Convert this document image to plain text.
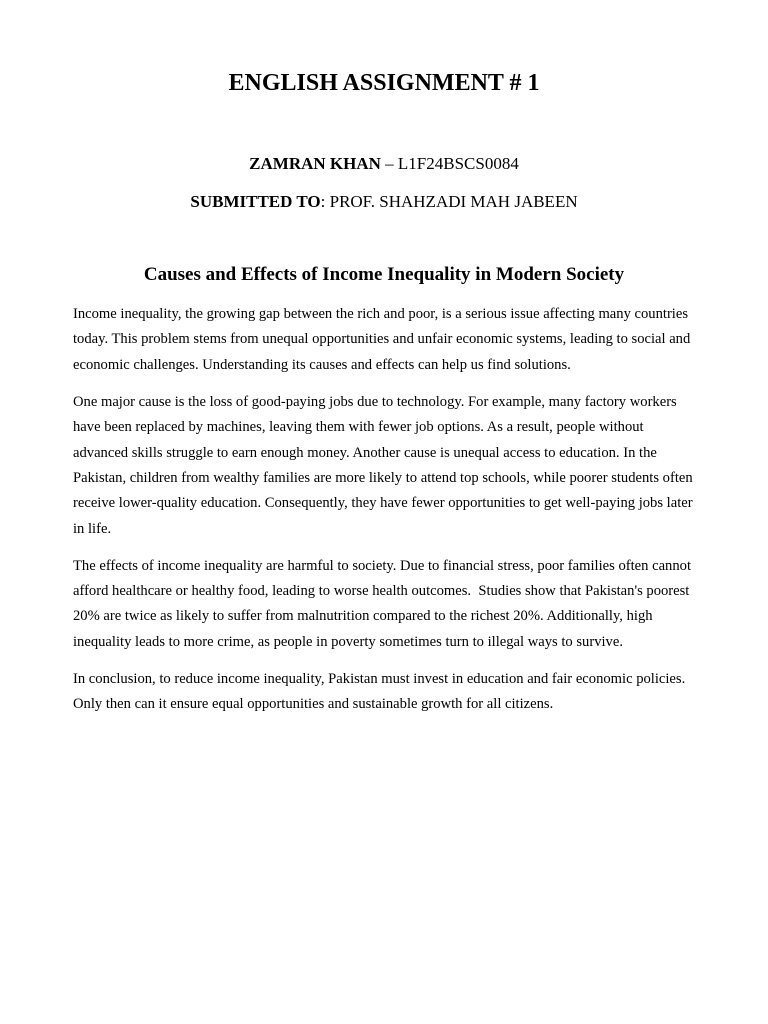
ENGLISH ASSIGNMENT # 1

ZAMRAN KHAN – L1F24BSCS0084

SUBMITTED TO: PROF. SHAHZADI MAH JABEEN

Causes and Effects of Income Inequality in Modern Society

Income inequality, the growing gap between the rich and poor, is a serious issue affecting many countries today. This problem stems from unequal opportunities and unfair economic systems, leading to social and economic challenges. Understanding its causes and effects can help us find solutions.

One major cause is the loss of good-paying jobs due to technology. For example, many factory workers have been replaced by machines, leaving them with fewer job options. As a result, people without advanced skills struggle to earn enough money. Another cause is unequal access to education. In the Pakistan, children from wealthy families are more likely to attend top schools, while poorer students often receive lower-quality education. Consequently, they have fewer opportunities to get well-paying jobs later in life.

The effects of income inequality are harmful to society. Due to financial stress, poor families often cannot afford healthcare or healthy food, leading to worse health outcomes.  Studies show that Pakistan's poorest 20% are twice as likely to suffer from malnutrition compared to the richest 20%. Additionally, high inequality leads to more crime, as people in poverty sometimes turn to illegal ways to survive.

In conclusion, to reduce income inequality, Pakistan must invest in education and fair economic policies. Only then can it ensure equal opportunities and sustainable growth for all citizens.
